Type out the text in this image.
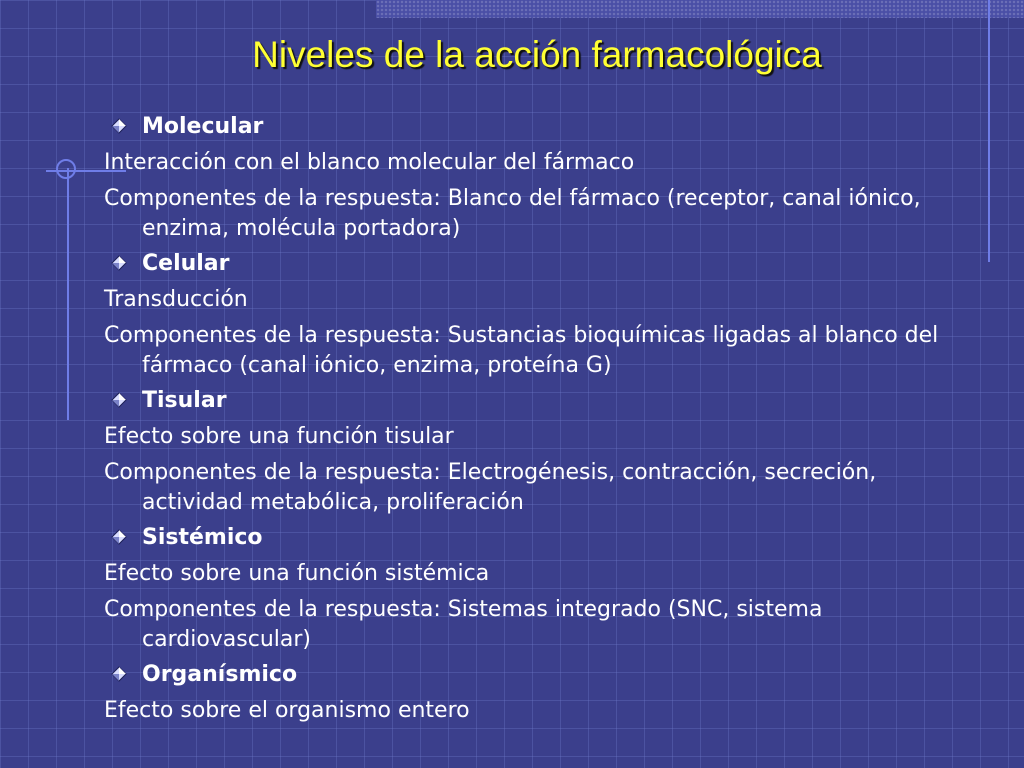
Niveles de la acción farmacológica
Molecular
Interacción con el blanco molecular del fármaco
Componentes de la respuesta: Blanco del fármaco (receptor, canal iónico, enzima, molécula portadora)
Celular
Transducción
Componentes de la respuesta: Sustancias bioquímicas ligadas al blanco del fármaco (canal iónico, enzima, proteína G)
Tisular
Efecto sobre una función tisular
Componentes de la respuesta: Electrogénesis, contracción, secreción, actividad metabólica, proliferación
Sistémico
Efecto sobre una función sistémica
Componentes de la respuesta: Sistemas integrado (SNC, sistema cardiovascular)
Organísmico
Efecto sobre el organismo entero
